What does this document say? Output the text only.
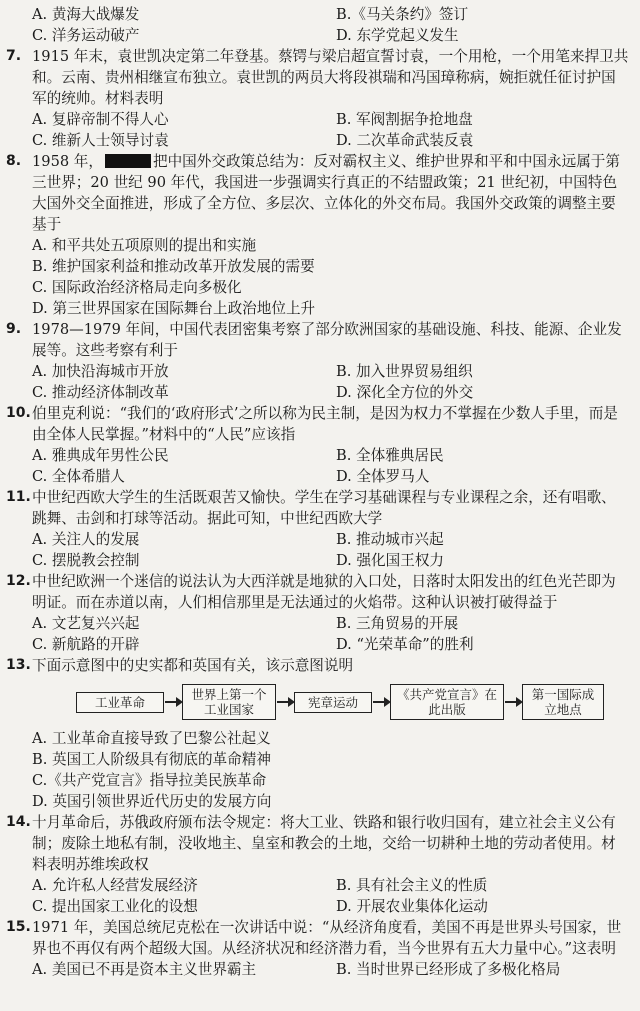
A. 黄海大战爆发	B.《马关条约》签订
C. 洋务运动破产	D. 东学党起义发生
7. 1915 年末，袁世凯决定第二年登基。蔡锷与梁启超宣誓讨袁，一个用枪，一个用笔来捍卫共和。云南、贵州相继宣布独立。袁世凯的两员大将段祺瑞和冯国璋称病，婉拒就任征讨护国军的统帅。材料表明
A. 复辟帝制不得人心	B. 军阀割据争抢地盘
C. 维新人士领导讨袁	D. 二次革命武装反袁
8. 1958 年，	把中国外交政策总结为：反对霸权主义、维护世界和平和中国永远属于第三世界；20 世纪 90 年代，我国进一步强调实行真正的不结盟政策；21 世纪初，中国特色大国外交全面推进，形成了全方位、多层次、立体化的外交布局。我国外交政策的调整主要基于
A. 和平共处五项原则的提出和实施
B. 维护国家利益和推动改革开放发展的需要
C. 国际政治经济格局走向多极化
D. 第三世界国家在国际舞台上政治地位上升
9. 1978—1979 年间，中国代表团密集考察了部分欧洲国家的基础设施、科技、能源、企业发展等。这些考察有利于
A. 加快沿海城市开放	B. 加入世界贸易组织
C. 推动经济体制改革	D. 深化全方位的外交
10. 伯里克利说：“我们的‘政府形式’之所以称为民主制，是因为权力不掌握在少数人手里，而是由全体人民掌握。”材料中的“人民”应该指
A. 雅典成年男性公民	B. 全体雅典居民
C. 全体希腊人	D. 全体罗马人
11. 中世纪西欧大学生的生活既艰苦又愉快。学生在学习基础课程与专业课程之余，还有唱歌、跳舞、击剑和打球等活动。据此可知，中世纪西欧大学
A. 关注人的发展	B. 推动城市兴起
C. 摆脱教会控制	D. 强化国王权力
12. 中世纪欧洲一个迷信的说法认为大西洋就是地狱的入口处，日落时太阳发出的红色光芒即为明证。而在赤道以南，人们相信那里是无法通过的火焰带。这种认识被打破得益于
A. 文艺复兴兴起	B. 三角贸易的开展
C. 新航路的开辟	D. “光荣革命”的胜利
13. 下面示意图中的史实都和英国有关，该示意图说明
工业革命	世界上第一个工业国家	宪章运动	《共产党宣言》在此出版
第一国际成立地点
A. 工业革命直接导致了巴黎公社起义
B. 英国工人阶级具有彻底的革命精神
C.《共产党宣言》指导拉美民族革命
D. 英国引领世界近代历史的发展方向
14. 十月革命后，苏俄政府颁布法令规定：将大工业、铁路和银行收归国有，建立社会主义公有制；废除土地私有制，没收地主、皇室和教会的土地，交给一切耕种土地的劳动者使用。材料表明苏维埃政权
A. 允许私人经营发展经济	B. 具有社会主义的性质
C. 提出国家工业化的设想	D. 开展农业集体化运动
15. 1971 年，美国总统尼克松在一次讲话中说：“从经济角度看，美国不再是世界头号国家，世界也不再仅有两个超级大国。从经济状况和经济潜力看，当今世界有五大力量中心。”这表明
A. 美国已不再是资本主义世界霸主	B. 当时世界已经形成了多极化格局
